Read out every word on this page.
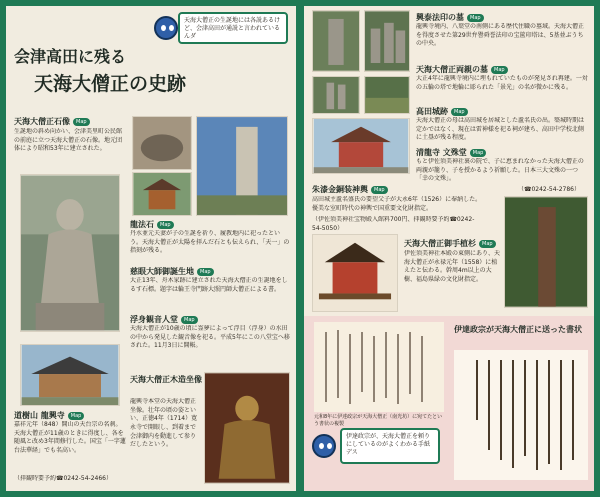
天海大僧正の生誕地には各説あるけど、会津高田が通説と言われているんダ
会津高田に残る
天海大僧正の史跡
天海大僧正石像 Map
生誕地の斜め向かい、会津美里町公民館の前庭に立つ天海大僧正の石像。地元団体により昭和53年に建立された。
龍法石 Map
丹水並元夫妻が子の生誕を祈り、履教地内に祀ったという。天海大僧正が太陽を拝んだ石とも伝えられ、「天一」の指刻が残る。
慈眼大師御誕生地 Map
大正13年、舟木家跡に建立された天海大僧正の生誕地をしるす石標。題字は輪王寺門跡大照円師大僧正による書。
浮身観音人堂 Map
天海大僧正が10歳の頃に霊夢によって浮目（浮身）の水田の中から発見した観音像を祀る。平成5年にこの八堂宝へ移された。11月3日に開帳。
道樹山 龍興寺 Map
嘉祥元年（848）開山の天台宗の名刹。天海大僧正が11歳のときに得度し、各を随風と改め3年間修行した。国宝「一字蓮台法華経」でも名高い。
（拝観時要予約☎0242-54-2466）
天海大僧正木造坐像
龍興寺本堂の天海大僧正坐像。壮年の頃の姿といい、正徳4年（1714）寛永寺で開眼し、到着まで会津御内を動進して参りだしたという。
興泰法印の墓 Map
龍興寺境内、八葉堂の南側にある歴代住職の墓域。天海大僧正を得度させた第29世弁譽舜誉法印の宝篋印塔は、5基並ぶうちの中央。
天海大僧正両親の墓 Map
大正4年に龍興寺境内に埋もれていたものが発見され再建。一対の五輪の塔で地輪に彫られた「景光」の名が微かに残る。
高田城跡 Map
天海大僧正の母は高田城を居城とした蘆名氏の出。築城時期は定かではなく、現在は雷神様を祀る祠が建ち、高田中学校北側に土塁が残る程度。
清龍寺 文殊堂 Map
もと伊佐須美神社裏の院で、子に恵まれなかった天海大僧正の両親が籠り、子を授かるよう祈願した。日本三大文殊の一つ「幸の文殊」。
（☎0242-54-2786）
朱漆金銅装神輿 Map
高田城主蘆名盛氏の要望父子が大永6年（1526）に奉納した。優美な室町時代の神輿で国重要文化財指定。
（伊佐須美神社宝物殿入館料700円、拝観時要予約☎0242-54-5050）
天海大僧正御手植杉 Map
伊佐須美神社本殿の東側にあり、天海大僧正が永禄元年（1558）に植えたと伝わる。幹周4m以上の大樹、福島県緑の文化財指定。
伊達政宗が天海大僧正に送った書状
元和8年に伊達政宗が天海大僧正（南光坊）に宛てたという書状の複製
伊達政宗が、天海大僧正を頼りにしているのがよくわかる手紙デス
